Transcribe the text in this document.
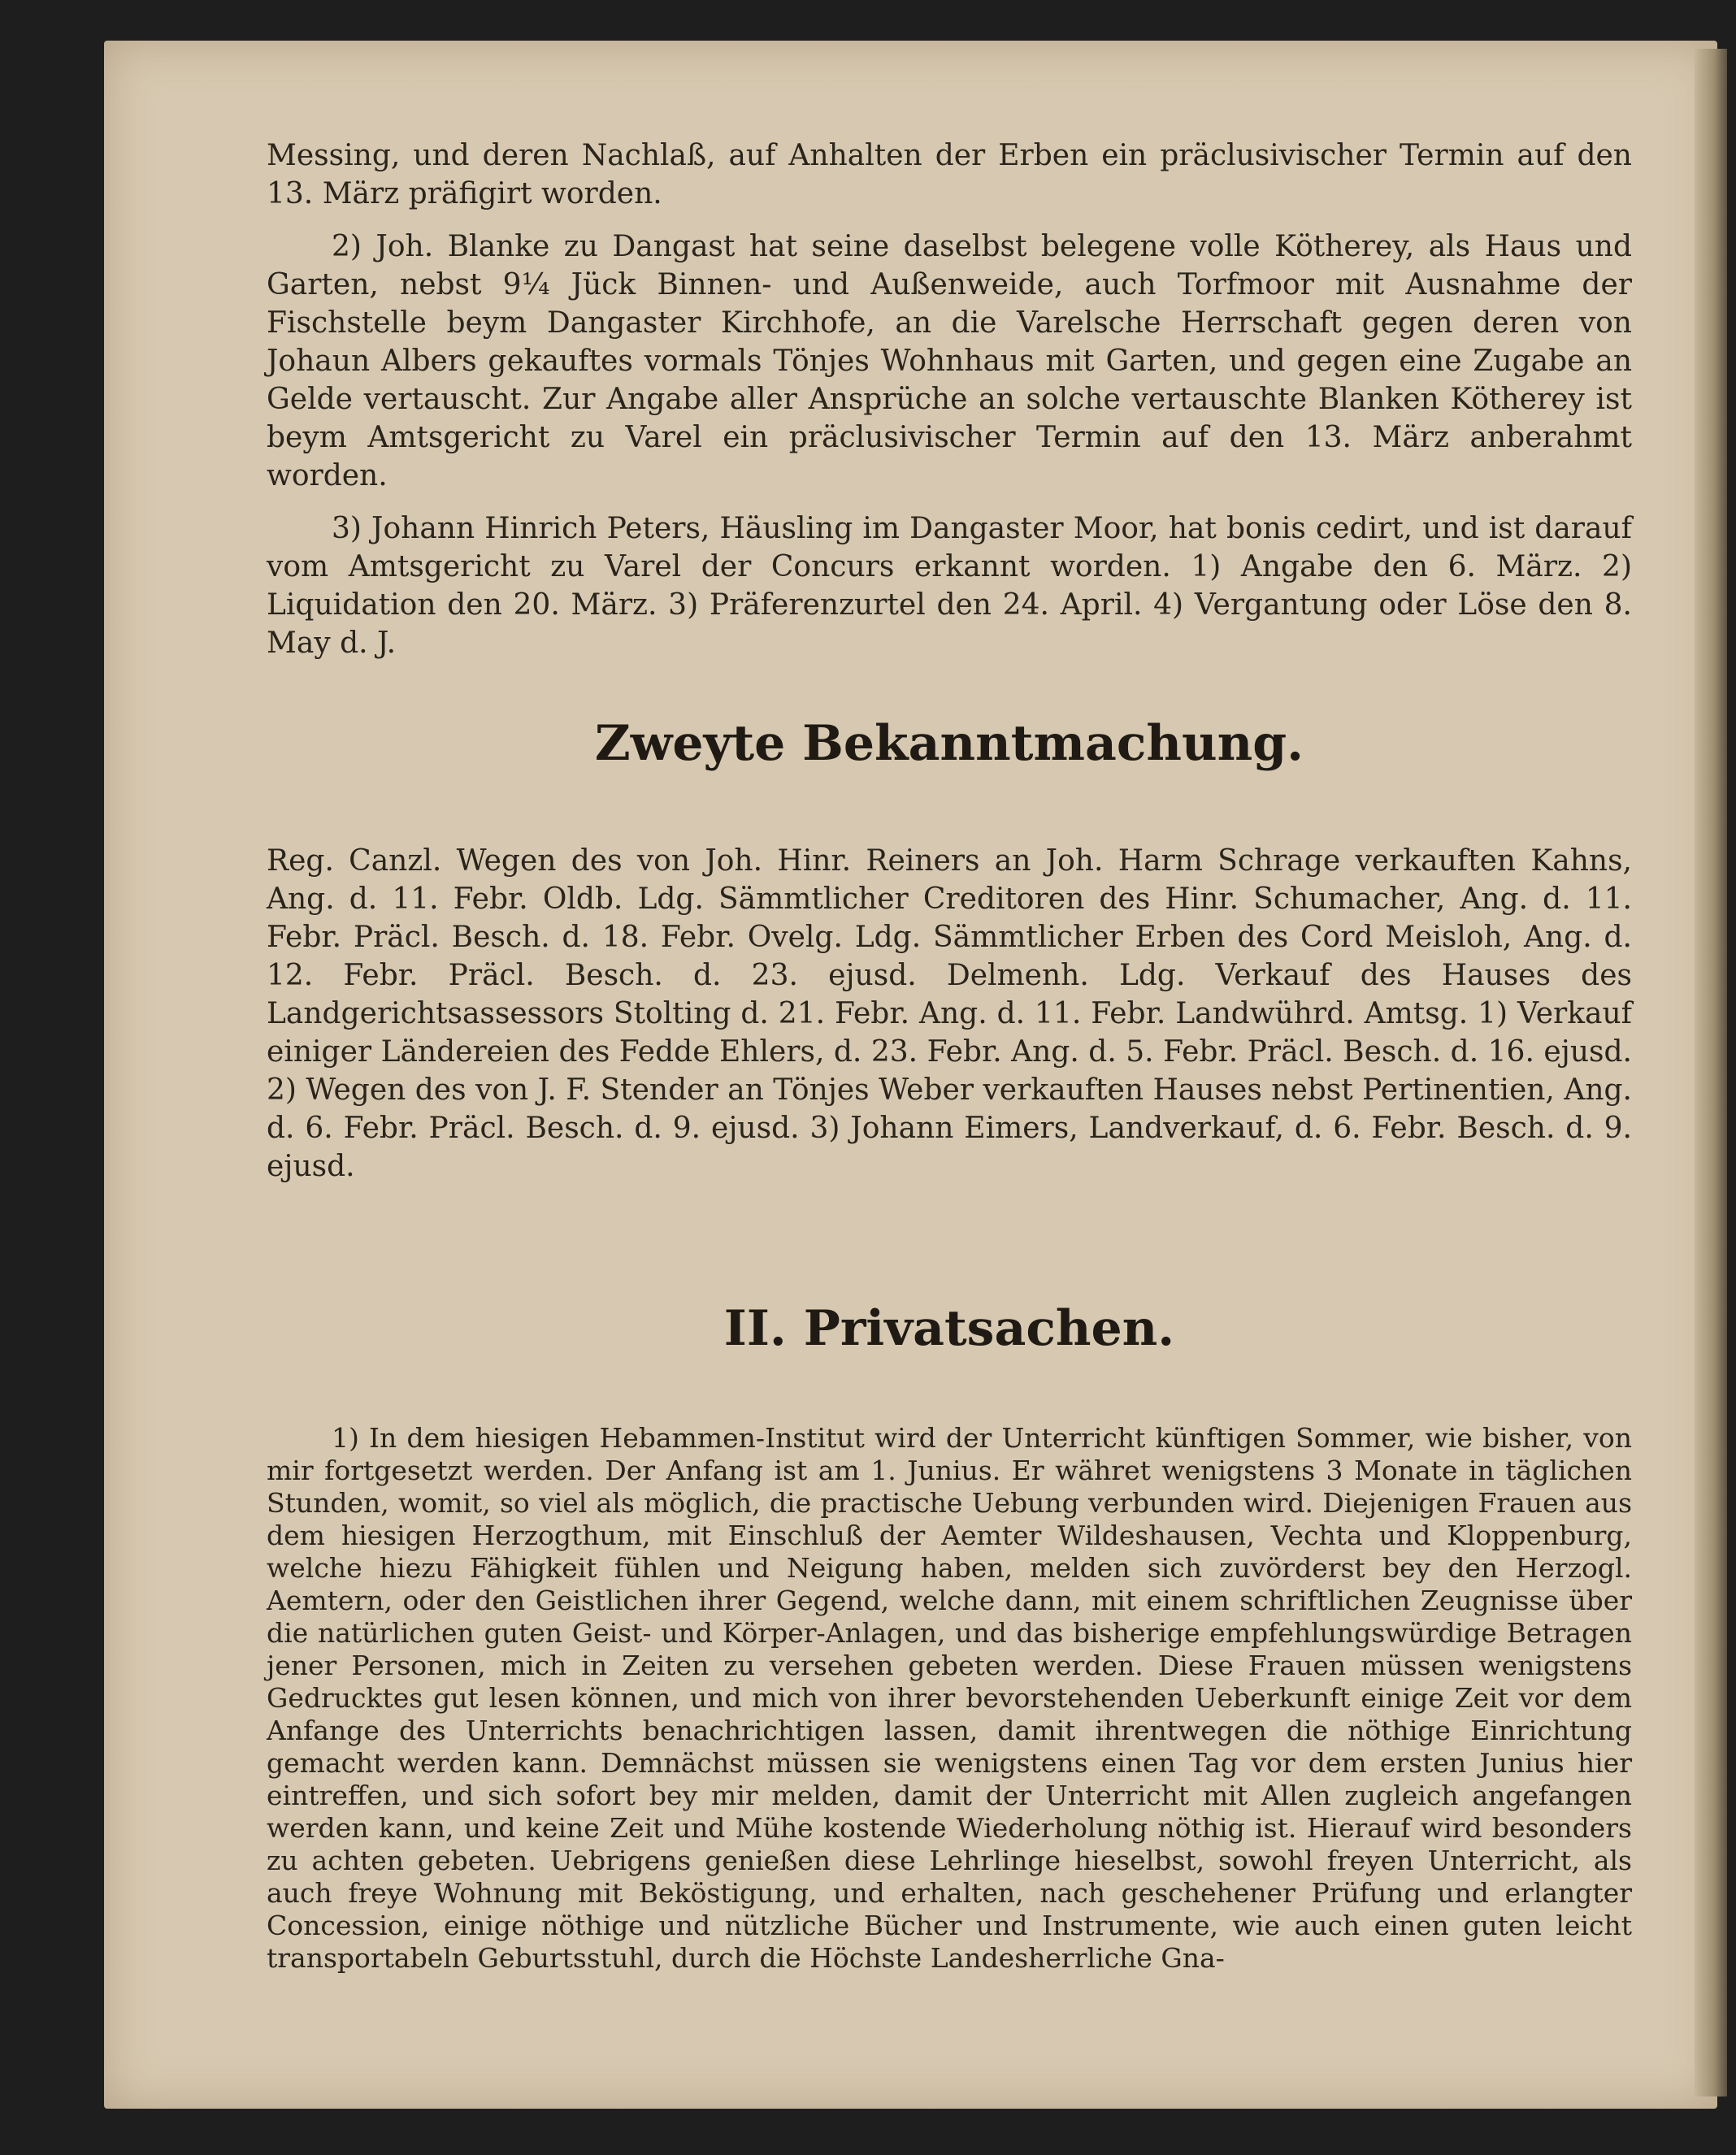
Messing, und deren Nachlaß, auf Anhalten der Erben ein präclusivischer Termin auf den 13. März präfigirt worden.

2) Joh. Blanke zu Dangast hat seine daselbst belegene volle Kötherey, als Haus und Garten, nebst 9¼ Jück Binnen- und Außenweide, auch Torfmoor mit Ausnahme der Fischstelle beym Dangaster Kirchhofe, an die Varelsche Herrschaft gegen deren von Johaun Albers gekauftes vormals Tönjes Wohnhaus mit Garten, und gegen eine Zugabe an Gelde vertauscht. Zur Angabe aller Ansprüche an solche vertauschte Blanken Kötherey ist beym Amtsgericht zu Varel ein präclusivischer Termin auf den 13. März anberahmt worden.

3) Johann Hinrich Peters, Häusling im Dangaster Moor, hat bonis cedirt, und ist darauf vom Amtsgericht zu Varel der Concurs erkannt worden. 1) Angabe den 6. März. 2) Liquidation den 20. März. 3) Präferenzurtel den 24. April. 4) Vergantung oder Löse den 8. May d. J.

Zweyte Bekanntmachung.

Reg. Canzl. Wegen des von Joh. Hinr. Reiners an Joh. Harm Schrage verkauften Kahns, Ang. d. 11. Febr. Oldb. Ldg. Sämmtlicher Creditoren des Hinr. Schumacher, Ang. d. 11. Febr. Präcl. Besch. d. 18. Febr. Ovelg. Ldg. Sämmtlicher Erben des Cord Meisloh, Ang. d. 12. Febr. Präcl. Besch. d. 23. ejusd. Delmenh. Ldg. Verkauf des Hauses des Landgerichtsassessors Stolting d. 21. Febr. Ang. d. 11. Febr. Landwührd. Amtsg. 1) Verkauf einiger Ländereien des Fedde Ehlers, d. 23. Febr. Ang. d. 5. Febr. Präcl. Besch. d. 16. ejusd. 2) Wegen des von J. F. Stender an Tönjes Weber verkauften Hauses nebst Pertinentien, Ang. d. 6. Febr. Präcl. Besch. d. 9. ejusd. 3) Johann Eimers, Landverkauf, d. 6. Febr. Besch. d. 9. ejusd.

II. Privatsachen.

1) In dem hiesigen Hebammen-Institut wird der Unterricht künftigen Sommer, wie bisher, von mir fortgesetzt werden. Der Anfang ist am 1. Junius. Er währet wenigstens 3 Monate in täglichen Stunden, womit, so viel als möglich, die practische Uebung verbunden wird. Diejenigen Frauen aus dem hiesigen Herzogthum, mit Einschluß der Aemter Wildeshausen, Vechta und Kloppenburg, welche hiezu Fähigkeit fühlen und Neigung haben, melden sich zuvörderst bey den Herzogl. Aemtern, oder den Geistlichen ihrer Gegend, welche dann, mit einem schriftlichen Zeugnisse über die natürlichen guten Geist- und Körper-Anlagen, und das bisherige empfehlungswürdige Betragen jener Personen, mich in Zeiten zu versehen gebeten werden. Diese Frauen müssen wenigstens Gedrucktes gut lesen können, und mich von ihrer bevorstehenden Ueberkunft einige Zeit vor dem Anfange des Unterrichts benachrichtigen lassen, damit ihrentwegen die nöthige Einrichtung gemacht werden kann. Demnächst müssen sie wenigstens einen Tag vor dem ersten Junius hier eintreffen, und sich sofort bey mir melden, damit der Unterricht mit Allen zugleich angefangen werden kann, und keine Zeit und Mühe kostende Wiederholung nöthig ist. Hierauf wird besonders zu achten gebeten. Uebrigens genießen diese Lehrlinge hieselbst, sowohl freyen Unterricht, als auch freye Wohnung mit Beköstigung, und erhalten, nach geschehener Prüfung und erlangter Concession, einige nöthige und nützliche Bücher und Instrumente, wie auch einen guten leicht transportabeln Geburtsstuhl, durch die Höchste Landesherrliche Gna-
